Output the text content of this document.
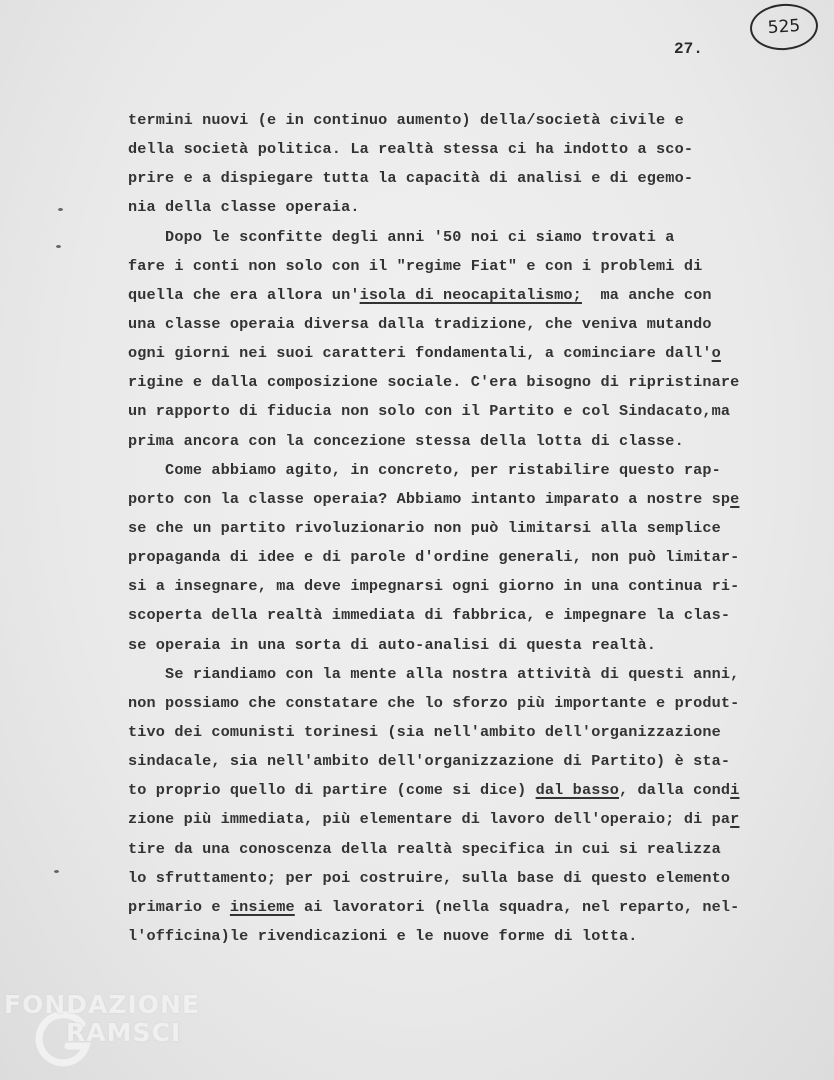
525
27.
termini nuovi (e in continuo aumento) della/società civile e
della società politica. La realtà stessa ci ha indotto a sco-
prire e a dispiegare tutta la capacità di analisi e di egemo-
nia della classe operaia.
Dopo le sconfitte degli anni '50 noi ci siamo trovati a
fare i conti non solo con il "regime Fiat" e con i problemi di
quella che era allora un'isola di neocapitalismo;  ma anche con
una classe operaia diversa dalla tradizione, che veniva mutando
ogni giorni nei suoi caratteri fondamentali, a cominciare dall'o
rigine e dalla composizione sociale. C'era bisogno di ripristinare
un rapporto di fiducia non solo con il Partito e col Sindacato,ma
prima ancora con la concezione stessa della lotta di classe.
Come abbiamo agito, in concreto, per ristabilire questo rap-
porto con la classe operaia? Abbiamo intanto imparato a nostre spe
se che un partito rivoluzionario non può limitarsi alla semplice
propaganda di idee e di parole d'ordine generali, non può limitar-
si a insegnare, ma deve impegnarsi ogni giorno in una continua ri-
scoperta della realtà immediata di fabbrica, e impegnare la clas-
se operaia in una sorta di auto-analisi di questa realtà.
Se riandiamo con la mente alla nostra attività di questi anni,
non possiamo che constatare che lo sforzo più importante e produt-
tivo dei comunisti torinesi (sia nell'ambito dell'organizzazione
sindacale, sia nell'ambito dell'organizzazione di Partito) è sta-
to proprio quello di partire (come si dice) dal basso, dalla condi
zione più immediata, più elementare di lavoro dell'operaio; di par
tire da una conoscenza della realtà specifica in cui si realizza
lo sfruttamento; per poi costruire, sulla base di questo elemento
primario e insieme ai lavoratori (nella squadra, nel reparto, nel-
l'officina)le rivendicazioni e le nuove forme di lotta.
FONDAZIONE
RAMSCI
